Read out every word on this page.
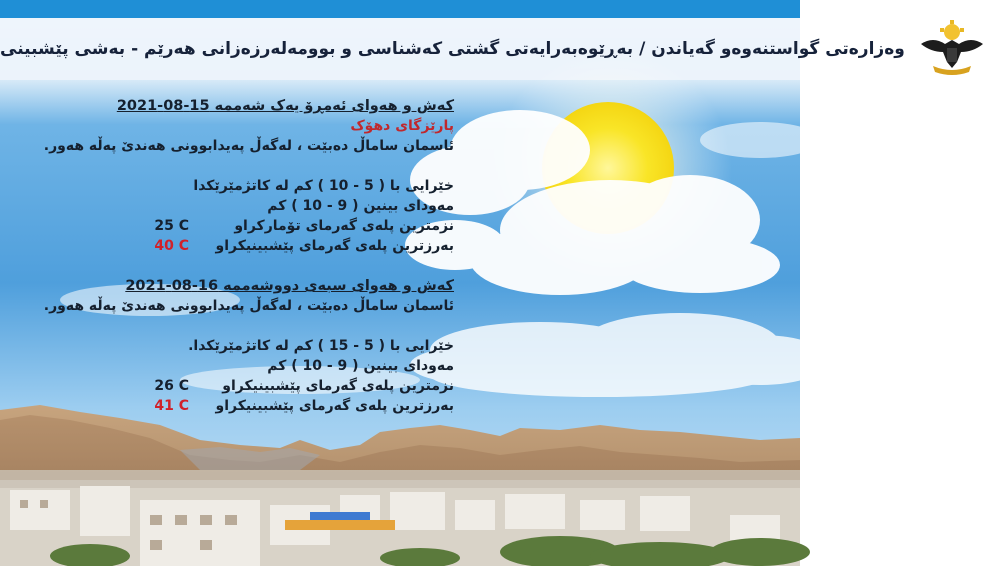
وەزارەتی گواستنەوەو گەیاندن / بەڕێوەبەرایەتی گشتی کەشناسی و بوومەلەرزەزانی هەرێم - بەشی پێشبینی
کەش و هەوای ئەمڕۆ یەک شەممە 15-08-2021
پارێزگای دهۆک
ئاسمان ساماڵ دەبێت ، لەگەڵ پەیدابوونی هەندێ پەڵە هەور.
خێرایی با ( 5 - 10 ) کم لە کاتژمێرێکدا
مەودای بینین ( 9 - 10 ) کم
نزمترین پلەی گەرمای تۆمارکراو
25 C
بەرزترین پلەی گەرمای پێشبینیکراو
40 C
کەش و هەوای سبەی دووشەممە 16-08-2021
ئاسمان ساماڵ دەبێت ، لەگەڵ پەیدابوونی هەندێ پەڵە هەور.
خێرایی با ( 5 - 15 ) کم لە کاتژمێرێکدا.
مەودای بینین ( 9 - 10 ) کم
نزمترین پلەی گەرمای پێشبینیکراو
26 C
بەرزترین پلەی گەرمای پێشبینیکراو
41 C
